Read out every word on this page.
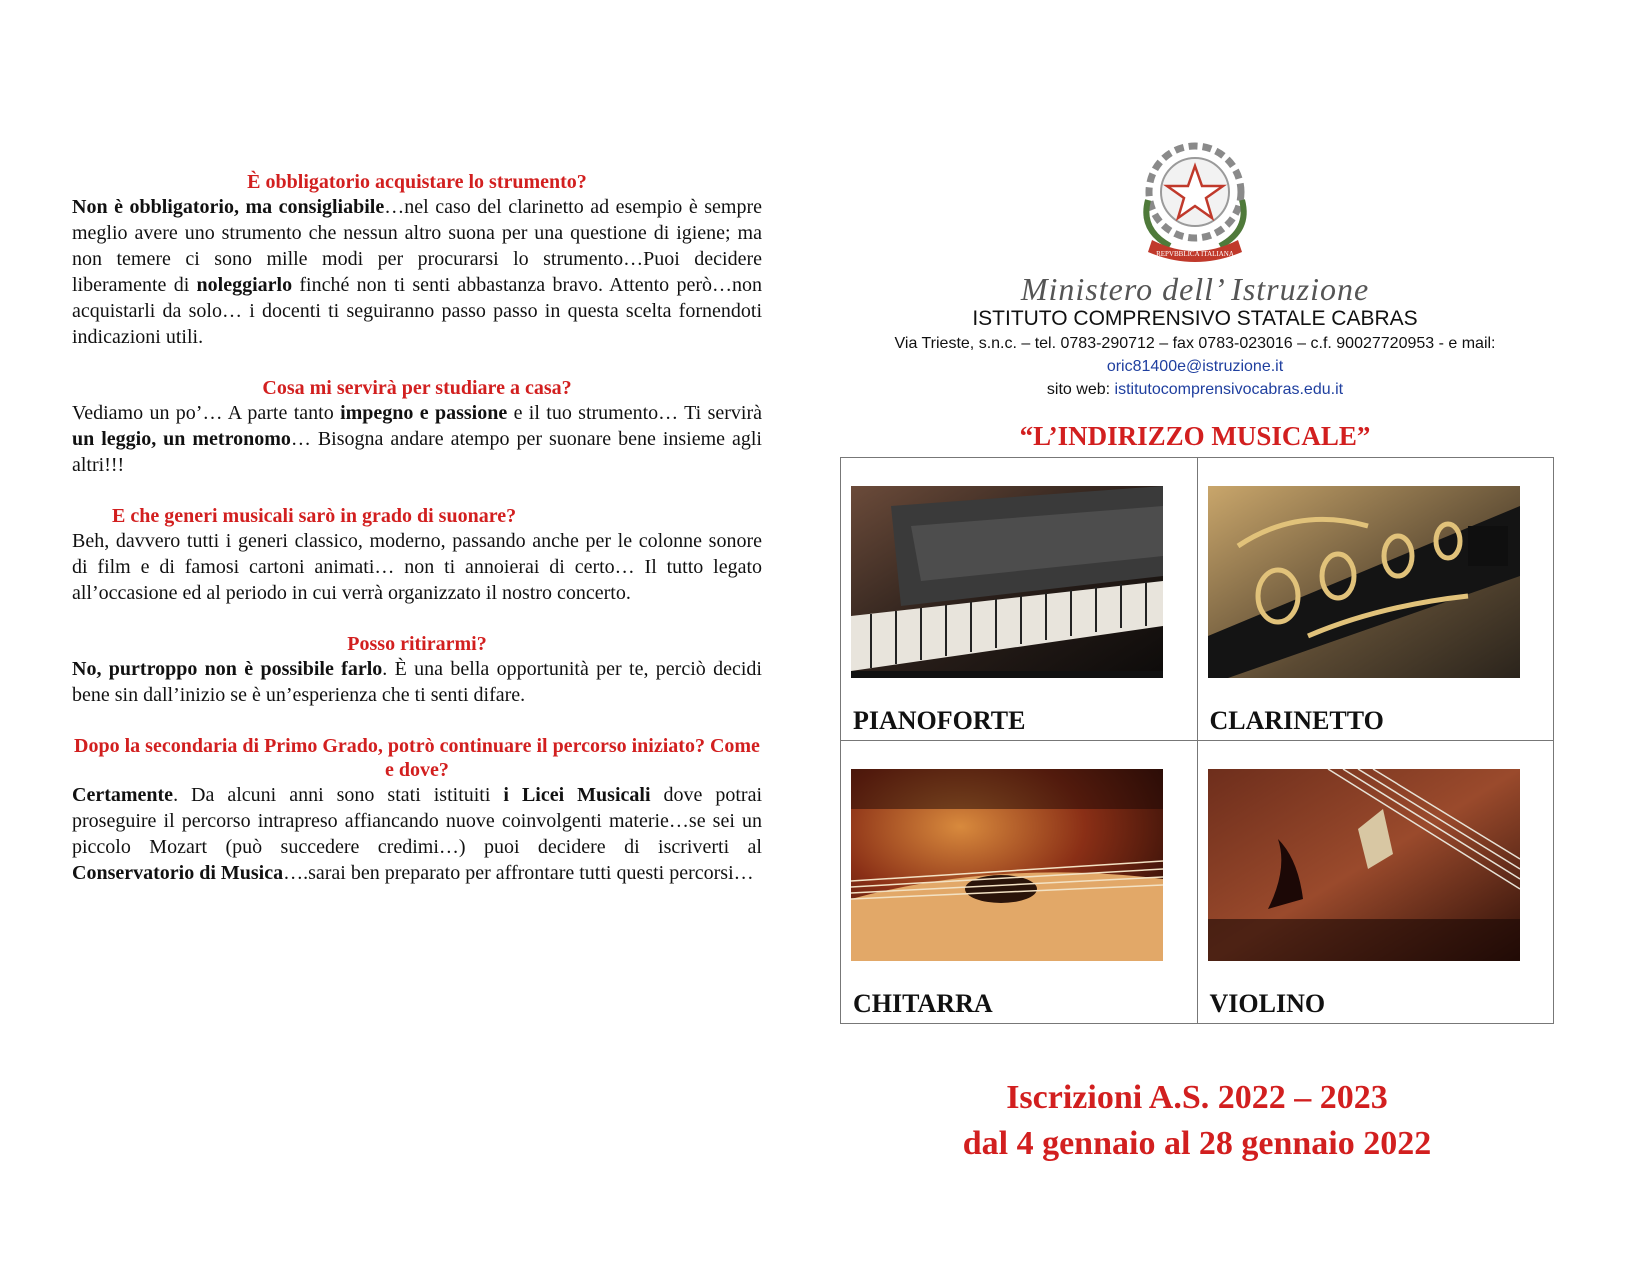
È obbligatorio acquistare lo strumento?
Non è obbligatorio, ma consigliabile…nel caso del clarinetto ad esempio è sempre meglio avere uno strumento che nessun altro suona per una questione di igiene; ma non temere ci sono mille modi per procurarsi lo strumento…Puoi decidere liberamente di noleggiarlo finché non ti senti abbastanza bravo. Attento però…non acquistarli da solo… i docenti ti seguiranno passo passo in questa scelta fornendoti indicazioni utili.
Cosa mi servirà per studiare a casa?
Vediamo un po’… A parte tanto impegno e passione e il tuo strumento… Ti servirà un leggio, un metronomo… Bisogna andare atempo per suonare bene insieme agli altri!!!
E che generi musicali sarò in grado di suonare?
Beh, davvero tutti i generi classico, moderno, passando anche per le colonne sonore di film e di famosi cartoni animati… non ti annoierai di certo… Il tutto legato all’occasione ed al periodo in cui verrà organizzato il nostro concerto.
Posso ritirarmi?
No, purtroppo non è possibile farlo. È una bella opportunità per te, perciò decidi bene sin dall’inizio se è un’esperienza che ti senti difare.
Dopo la secondaria di Primo Grado, potrò continuare il percorso iniziato? Come e dove?
Certamente. Da alcuni anni sono stati istituiti i Licei Musicali dove potrai proseguire il percorso intrapreso affiancando nuove coinvolgenti materie…se sei un piccolo Mozart (può succedere credimi…) puoi decidere di iscriverti al Conservatorio di Musica….sarai ben preparato per affrontare tutti questi percorsi…
REPVBBLICA ITALIANA
Ministero dell’ Istruzione
ISTITUTO COMPRENSIVO STATALE CABRAS
Via Trieste, s.n.c. – tel. 0783-290712 – fax 0783-023016 – c.f. 90027720953 - e mail:
oric81400e@istruzione.it
sito web: istitutocomprensivocabras.edu.it
“L’INDIRIZZO MUSICALE”
PIANOFORTE	CLARINETTO

CHITARRA	VIOLINO
Iscrizioni A.S. 2022 – 2023
dal 4 gennaio al 28 gennaio 2022
